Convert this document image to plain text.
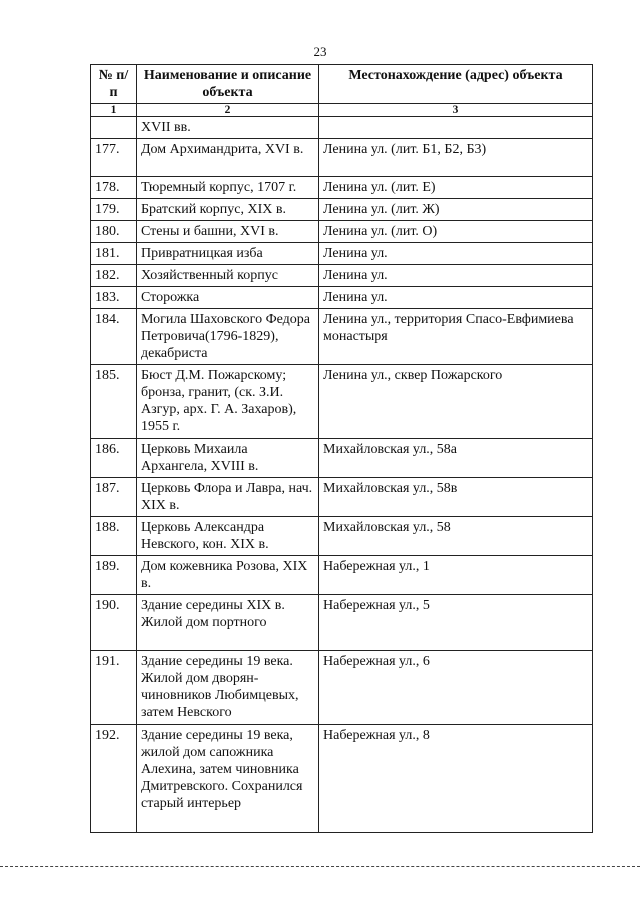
23
№ п/п	Наименование и описание объекта	Местонахождение (адрес) объекта
1	2	3
	XVII вв.	
177.	Дом Архимандрита, XVI в.	Ленина ул. (лит. Б1, Б2, Б3)
178.	Тюремный корпус, 1707 г.	Ленина ул. (лит. Е)
179.	Братский корпус, XIX в.	Ленина ул. (лит. Ж)
180.	Стены и башни, XVI в.	Ленина ул. (лит. О)
181.	Привратницкая изба	Ленина ул.
182.	Хозяйственный корпус	Ленина ул.
183.	Сторожка	Ленина ул.
184.	Могила Шаховского Федора Петровича(1796-1829), декабриста	Ленина ул., территория Спасо-Евфимиева монастыря
185.	Бюст Д.М. Пожарскому; бронза, гранит, (ск. З.И. Азгур, арх. Г. А. Захаров), 1955 г.	Ленина ул., сквер Пожарского
186.	Церковь Михаила Архангела, XVIII в.	Михайловская ул., 58а
187.	Церковь Флора и Лавра, нач. XIX в.	Михайловская ул., 58в
188.	Церковь Александра Невского, кон. XIX в.	Михайловская ул., 58
189.	Дом кожевника Розова, XIX в.	Набережная ул., 1
190.	Здание середины XIX в. Жилой дом портного	Набережная ул., 5
191.	Здание середины 19 века. Жилой дом дворян-чиновников Любимцевых, затем Невского	Набережная ул., 6
192.	Здание середины 19 века, жилой дом сапожника Алехина, затем чиновника Дмитревского. Сохранился старый интерьер	Набережная ул., 8
